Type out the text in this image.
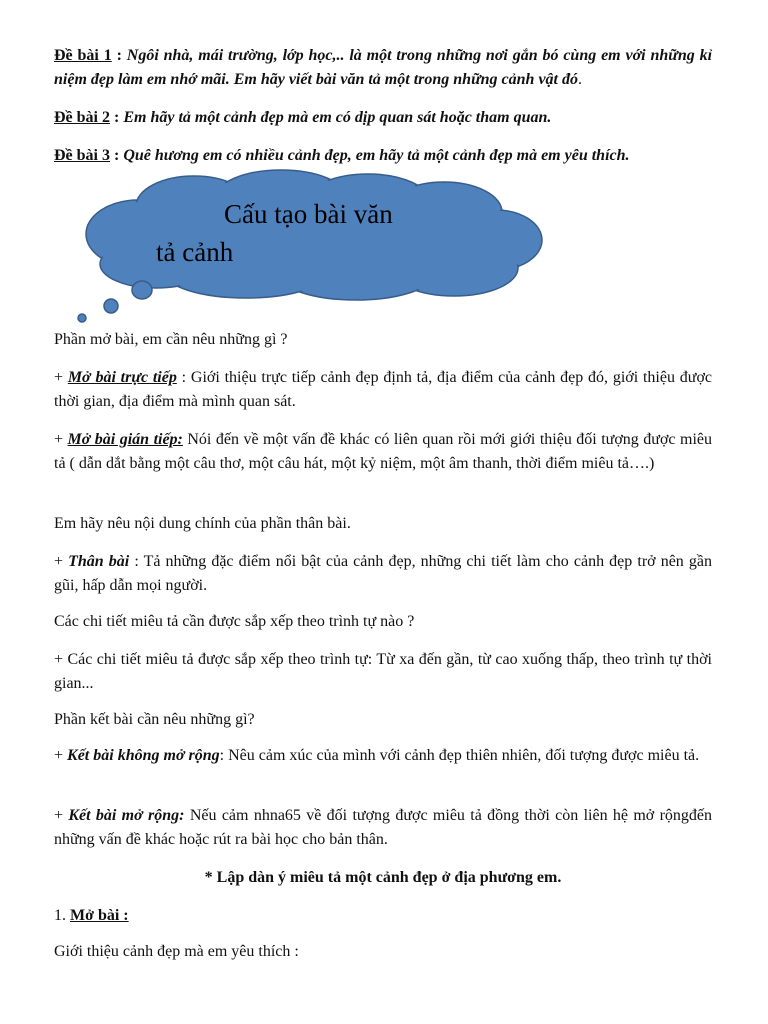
Đề bài 1 : Ngôi nhà, mái trường, lớp học,.. là một trong những nơi gắn bó cùng em với những kỉ niệm đẹp làm em nhớ mãi. Em hãy viết bài văn tả một trong những cảnh vật đó.

Đề bài 2 : Em hãy tả một cảnh đẹp mà em có dịp quan sát hoặc tham quan.

Đề bài 3 : Quê hương em có nhiều cảnh đẹp, em hãy tả một cảnh đẹp mà em yêu thích.

Cấu tạo bài văn
tả cảnh

Phần mở bài, em cần nêu những gì ?

+ Mở bài trực tiếp : Giới thiệu trực tiếp cảnh đẹp định tả, địa điểm của cảnh đẹp đó, giới thiệu được thời gian, địa điểm mà mình quan sát.

+ Mở bài gián tiếp: Nói đến về một vấn đề khác có liên quan rồi mới giới thiệu đối tượng được miêu tả ( dẫn dắt bằng một câu thơ, một câu hát, một kỷ niệm, một âm thanh, thời điểm miêu tả….)

Em hãy nêu nội dung chính của phần thân bài.

+ Thân bài : Tả những đặc điểm nổi bật của cảnh đẹp, những chi tiết làm cho cảnh đẹp trở nên gần gũi, hấp dẫn mọi người.

Các chi tiết miêu tả cần được sắp xếp theo trình tự nào ?

+ Các chi tiết miêu tả được sắp xếp theo trình tự: Từ xa đến gần, từ cao xuống thấp, theo trình tự thời gian...

Phần kết bài cần nêu những gì?

+ Kết bài không mở rộng: Nêu cảm xúc của mình với cảnh đẹp thiên nhiên, đối tượng được miêu tả.

+ Kết bài mở rộng: Nếu cảm nhna65 về đối tượng được miêu tả đồng thời còn liên hệ mở rộngđến những vấn đề khác hoặc rút ra bài học cho bản thân.

* Lập dàn ý miêu tả một cảnh đẹp ở địa phương em.

1. Mở bài :

Giới thiệu cảnh đẹp mà em yêu thích :
